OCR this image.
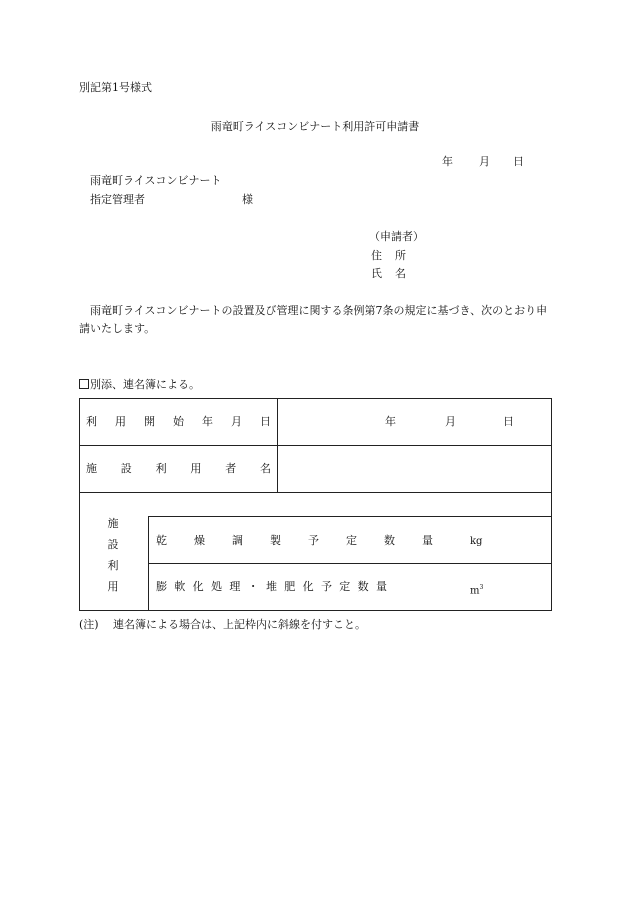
別記第1号様式
雨竜町ライスコンビナート利用許可申請書
年 月 日
雨竜町ライスコンビナート
指定管理者	様
（申請者）
住 所
氏 名
雨竜町ライスコンビナートの設置及び管理に関する条例第7条の規定に基づき、次のとおり申請いたします。
別添、連名簿による。
利 用 開 始 年 月 日	年	月	日
施 設 利 用 者 名
施
設
利
用
乾 燥 調 製 予 定 数 量	kg
膨 軟 化 処 理 ・ 堆 肥 化 予 定 数 量	$m^3$
(注) 連名簿による場合は、上記枠内に斜線を付すこと。
